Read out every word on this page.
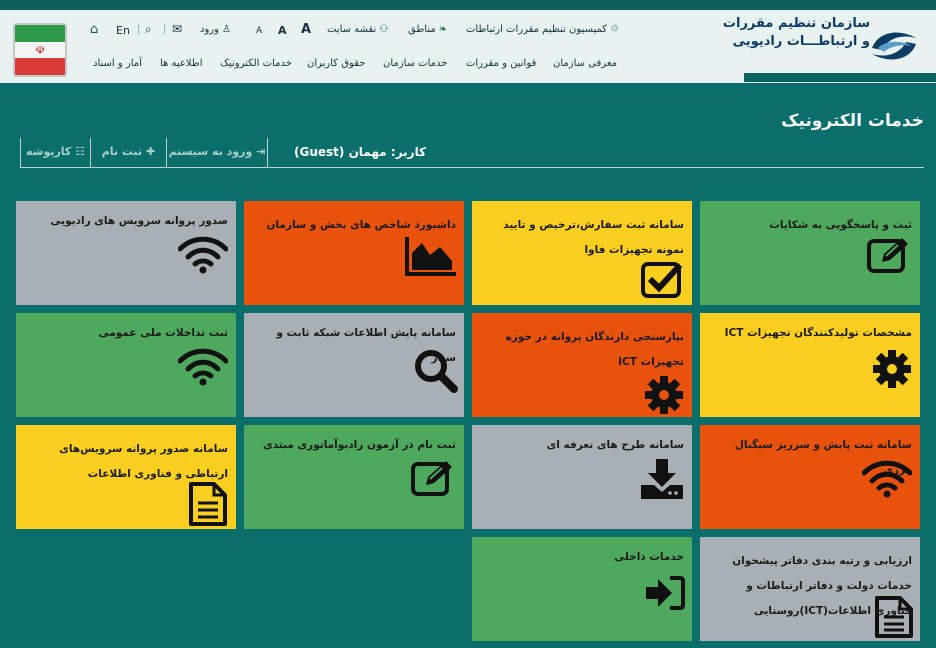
سازمان تنظیم مقررات
و ارتباطـــات رادیویی
☫
♲کمیسیون تنظیم مقررات ارتباطات
❧مناطق
⚇نقشه سایت
A
A
A
♙ورود
✉
|
⌕
|
En
⌂
معرفی سازمان
قوانین و مقررات
خدمات سازمان
حقوق کاربران
خدمات الکترونیک
اطلاعیه ها
آمار و اسناد
خدمات الکترونیک
کاربر: مهمان (Guest)
☷ کارپوشه	✚ ثبت نام	⇥ ورود به سیستم
ثبت و پاسخگویی به شکایات
سامانه ثبت سفارش،ترخیص و تایید نمونه تجهیزات فاوا
داشبورد شاخص های بخش و سازمان
صدور پروانه سرویس های رادیویی
مشخصات تولیدکنندگان تجهیزات ICT
نیازسنجی دارندگان پروانه در حوزه تجهیزات ICT
سامانه پایش اطلاعات شبکه ثابت و سیار
ثبت تداخلات ملی عمومی
سامانه ثبت پایش و سرریز سیگنال مرزی
سامانه طرح های تعرفه ای
ثبت نام در آزمون رادیوآماتوری مبتدی
سامانه صدور پروانه سرویس‌های ارتباطی و فناوری اطلاعات
ارزیابی و رتبه بندی دفاتر پیشخوان خدمات دولت و دفاتر ارتباطات و فناوری اطلاعات(ICT)روستایی
خدمات داخلی
